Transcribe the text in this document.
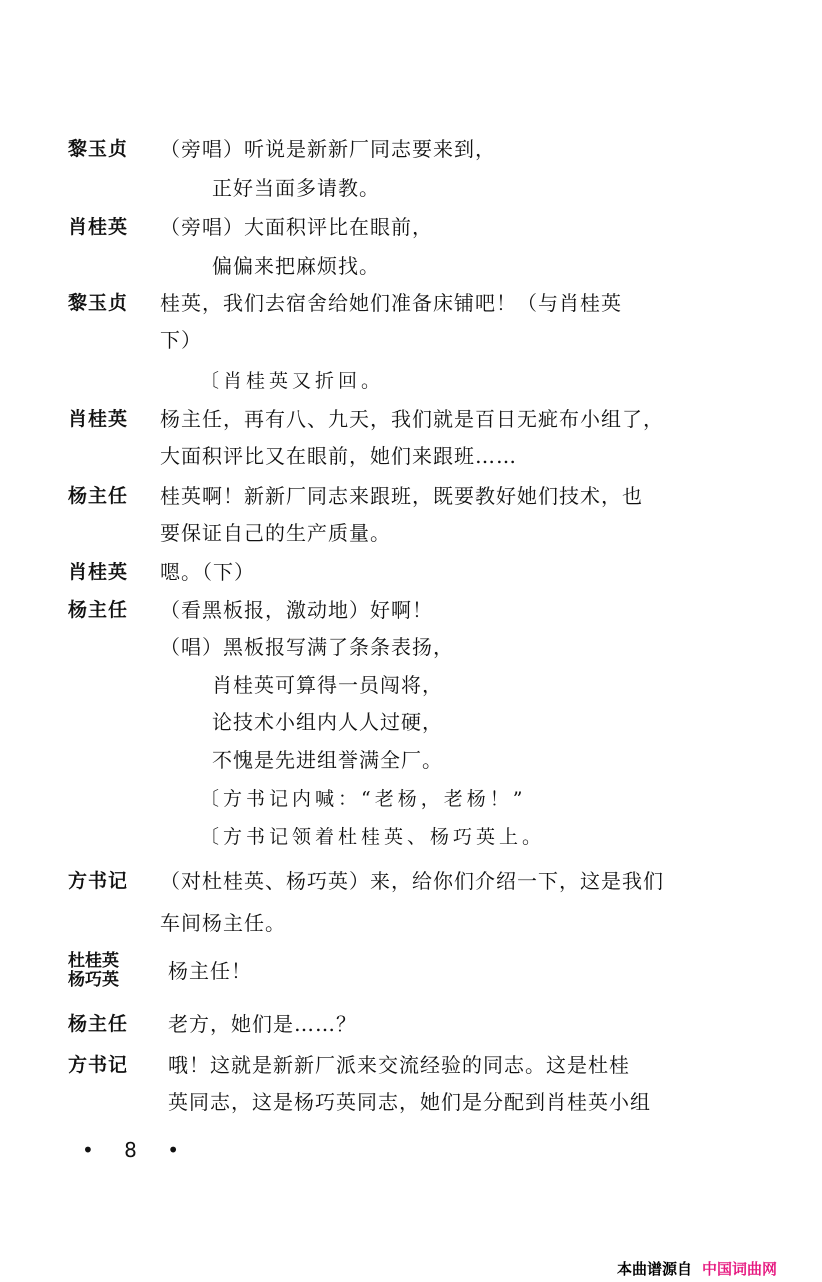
黎玉贞 （旁唱）听说是新新厂同志要来到，
正好当面多请教。
肖桂英 （旁唱）大面积评比在眼前，
偏偏来把麻烦找。
黎玉贞 桂英，我们去宿舍给她们准备床铺吧！（与肖桂英
下）
〔肖桂英又折回。
肖桂英 杨主任，再有八、九天，我们就是百日无疵布小组了，
大面积评比又在眼前，她们来跟班……
杨主任 桂英啊！新新厂同志来跟班，既要教好她们技术，也
要保证自己的生产质量。
肖桂英 嗯。（下）
杨主任 （看黑板报，激动地）好啊！
（唱）黑板报写满了条条表扬，
肖桂英可算得一员闯将，
论技术小组内人人过硬，
不愧是先进组誉满全厂。
〔方书记内喊：“老杨，老杨！”
〔方书记领着杜桂英、杨巧英上。
方书记 （对杜桂英、杨巧英）来，给你们介绍一下，这是我们
车间杨主任。
杜桂英
杨巧英 杨主任！
杨主任 老方，她们是……？
方书记 哦！这就是新新厂派来交流经验的同志。这是杜桂
英同志，这是杨巧英同志，她们是分配到肖桂英小组
• 8 •
本曲谱源自 中国词曲网
